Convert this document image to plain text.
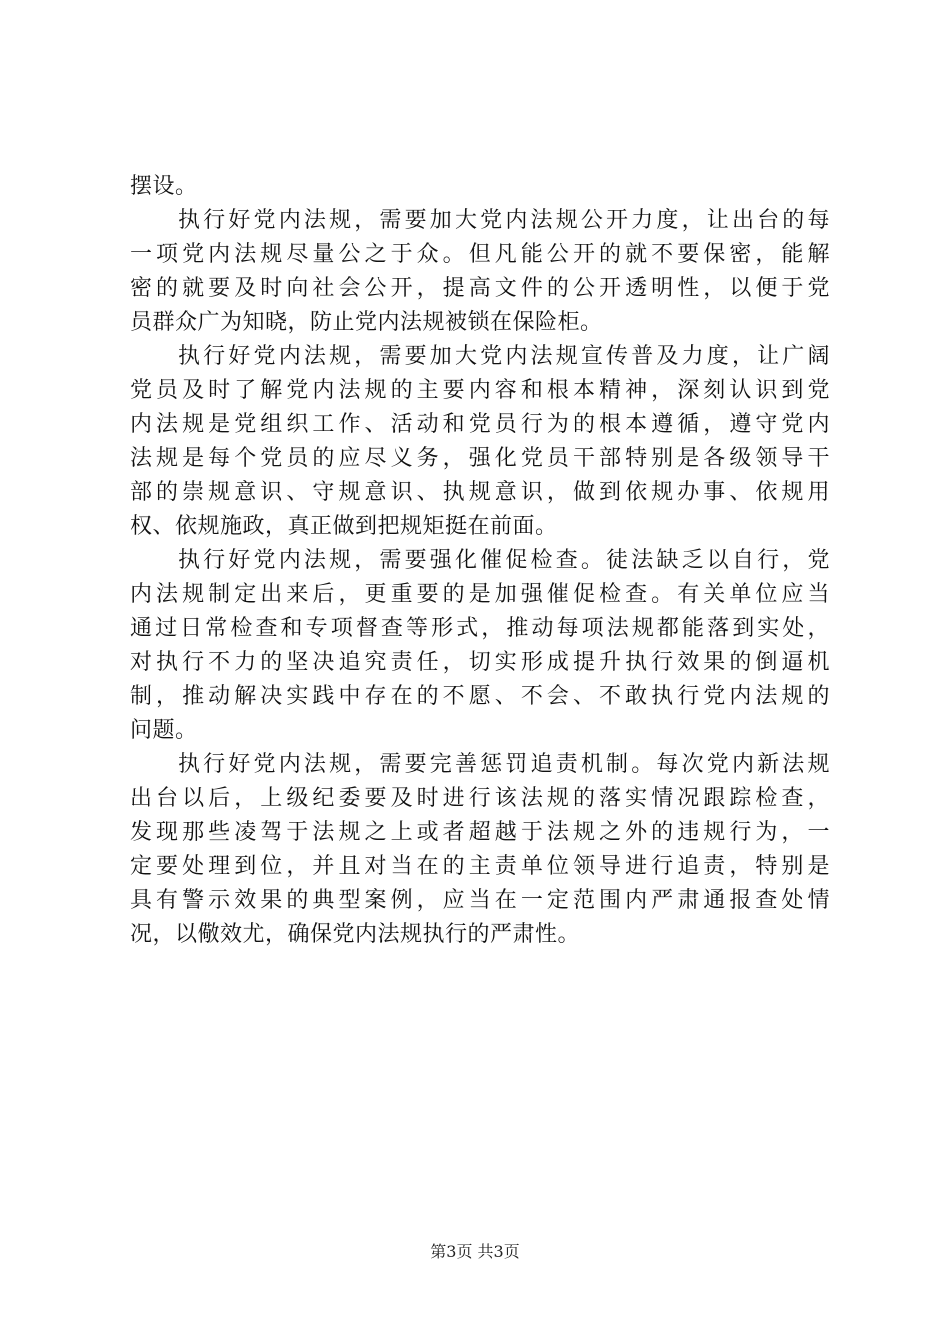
摆设。
执行好党内法规，需要加大党内法规公开力度，让出台的每
一项党内法规尽量公之于众。但凡能公开的就不要保密，能解
密的就要及时向社会公开，提高文件的公开透明性，以便于党
员群众广为知晓，防止党内法规被锁在保险柜。
执行好党内法规，需要加大党内法规宣传普及力度，让广阔
党员及时了解党内法规的主要内容和根本精神，深刻认识到党
内法规是党组织工作、活动和党员行为的根本遵循，遵守党内
法规是每个党员的应尽义务，强化党员干部特别是各级领导干
部的崇规意识、守规意识、执规意识，做到依规办事、依规用
权、依规施政，真正做到把规矩挺在前面。
执行好党内法规，需要强化催促检查。徒法缺乏以自行，党
内法规制定出来后，更重要的是加强催促检查。有关单位应当
通过日常检查和专项督查等形式，推动每项法规都能落到实处，
对执行不力的坚决追究责任，切实形成提升执行效果的倒逼机
制，推动解决实践中存在的不愿、不会、不敢执行党内法规的
问题。
执行好党内法规，需要完善惩罚追责机制。每次党内新法规
出台以后，上级纪委要及时进行该法规的落实情况跟踪检查，
发现那些凌驾于法规之上或者超越于法规之外的违规行为，一
定要处理到位，并且对当在的主责单位领导进行追责，特别是
具有警示效果的典型案例，应当在一定范围内严肃通报查处情
况，以儆效尤，确保党内法规执行的严肃性。
第3页 共3页
